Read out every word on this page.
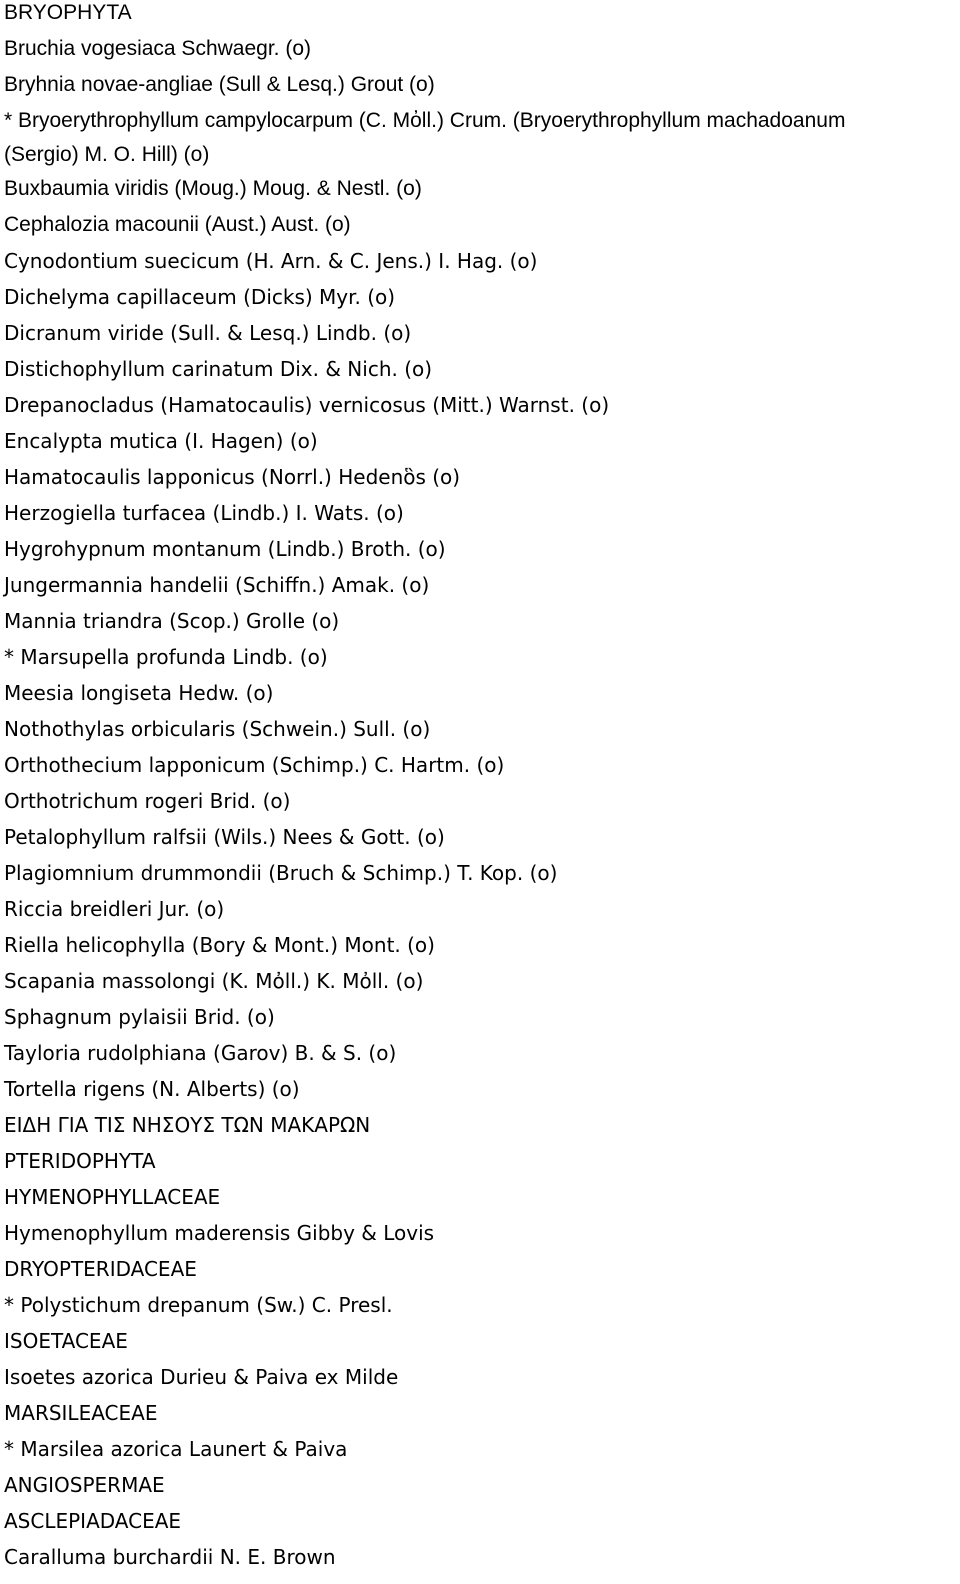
BRYOPHYTA
Bruchia vogesiaca Schwaegr. (o)
Bryhnia novae-angliae (Sull & Lesq.) Grout (o)
* Bryoerythrophyllum campylocarpum (C. Mὀll.) Crum. (Bryoerythrophyllum machadoanum
(Sergio) M. O. Hill) (o)
Buxbaumia viridis (Moug.) Moug. & Nestl. (o)
Cephalozia macounii (Aust.) Aust. (o)
Cynodontium suecicum (H. Arn. & C. Jens.) I. Hag. (o)
Dichelyma capillaceum (Dicks) Myr. (o)
Dicranum viride (Sull. & Lesq.) Lindb. (o)
Distichophyllum carinatum Dix. & Nich. (o)
Drepanocladus (Hamatocaulis) vernicosus (Mitt.) Warnst. (o)
Encalypta mutica (I. Hagen) (o)
Hamatocaulis lapponicus (Norrl.) Hedenὃs (o)
Herzogiella turfacea (Lindb.) I. Wats. (o)
Hygrohypnum montanum (Lindb.) Broth. (o)
Jungermannia handelii (Schiffn.) Amak. (o)
Mannia triandra (Scop.) Grolle (o)
* Marsupella profunda Lindb. (o)
Meesia longiseta Hedw. (o)
Nothothylas orbicularis (Schwein.) Sull. (o)
Orthothecium lapponicum (Schimp.) C. Hartm. (o)
Orthotrichum rogeri Brid. (o)
Petalophyllum ralfsii (Wils.) Nees & Gott. (o)
Plagiomnium drummondii (Bruch & Schimp.) T. Kop. (o)
Riccia breidleri Jur. (o)
Riella helicophylla (Bory & Mont.) Mont. (o)
Scapania massolongi (K. Mὀll.) K. Mὀll. (o)
Sphagnum pylaisii Brid. (o)
Tayloria rudolphiana (Garov) B. & S. (o)
Tortella rigens (N. Alberts) (o)
ΕΙΔΗ ΓΙΑ ΤΙΣ ΝΗΣΟΥΣ ΤΩΝ ΜΑΚΑΡΩΝ
PTERIDOPHYTA
HYMENOPHYLLACEAE
Hymenophyllum maderensis Gibby & Lovis
DRYOPTERIDACEAE
* Polystichum drepanum (Sw.) C. Presl.
ISOETACEAE
Isoetes azorica Durieu & Paiva ex Milde
MARSILEACEAE
* Marsilea azorica Launert & Paiva
ANGIOSPERMAE
ASCLEPIADACEAE
Caralluma burchardii N. E. Brown
